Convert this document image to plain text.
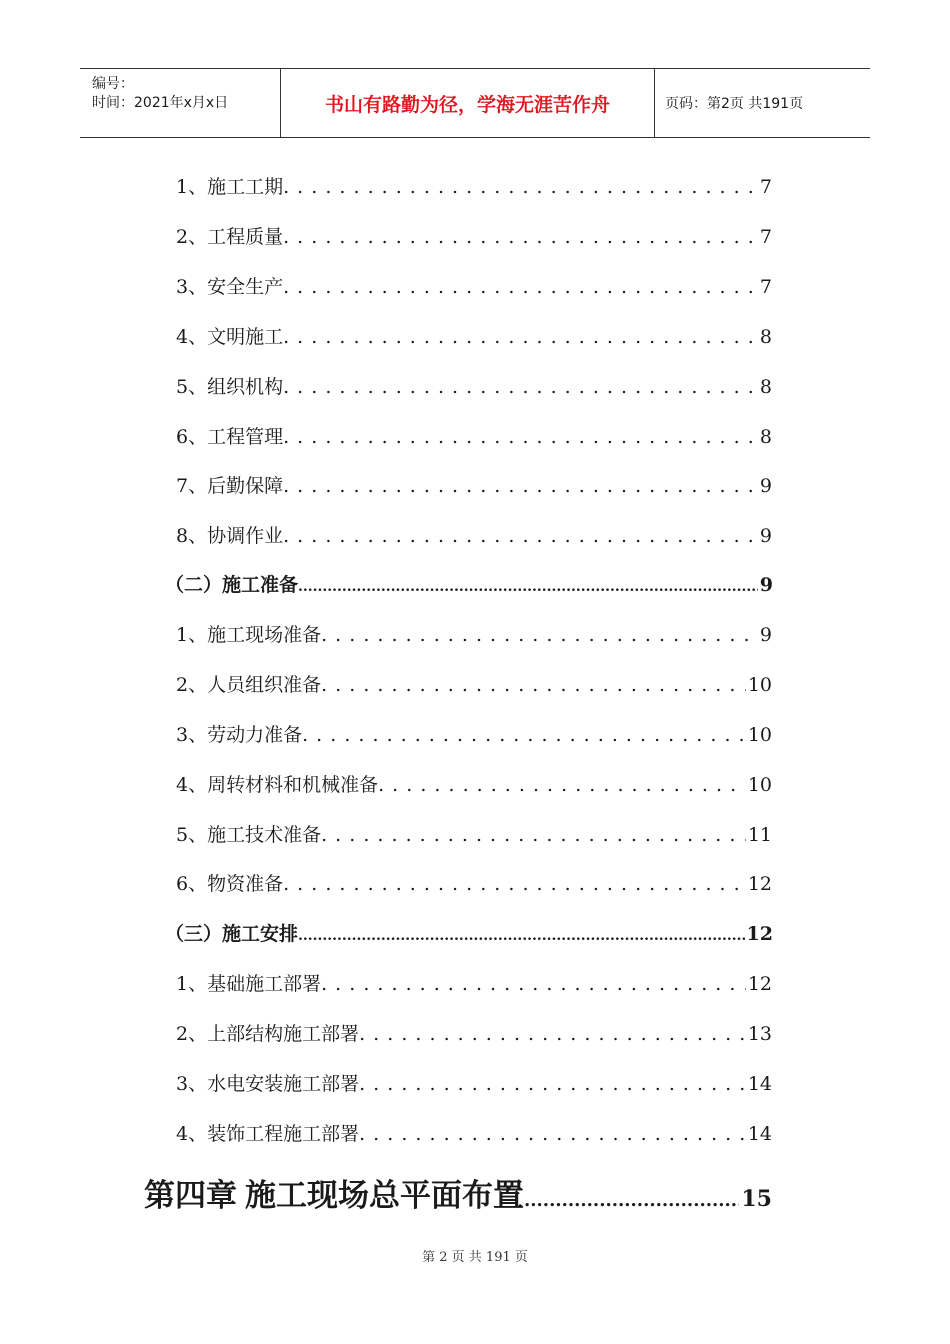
编号：
时间：2021年x月x日	书山有路勤为径，学海无涯苦作舟	页码：第2页 共191页
1、施工工期 . . .	7
2、工程质量 . . .	7
3、安全生产 . . .	7
4、文明施工 . . .	8
5、组织机构 . . .	8
6、工程管理 . . .	8
7、后勤保障 . . .	9
8、协调作业 . . .	9
（二）施工准备 .....	9
1、施工现场准备 . . .	9
2、人员组织准备 . . .	10
3、劳动力准备 . . .	10
4、周转材料和机械准备 . . .	10
5、施工技术准备 . . .	11
6、物资准备 . . .	12
（三）施工安排 .....	12
1、基础施工部署 . . .	12
2、上部结构施工部署 . . .	13
3、水电安装施工部署 . . .	14
4、装饰工程施工部署 . . .	14
第四章 施工现场总平面布置 .....	15
第 2 页 共 191 页
